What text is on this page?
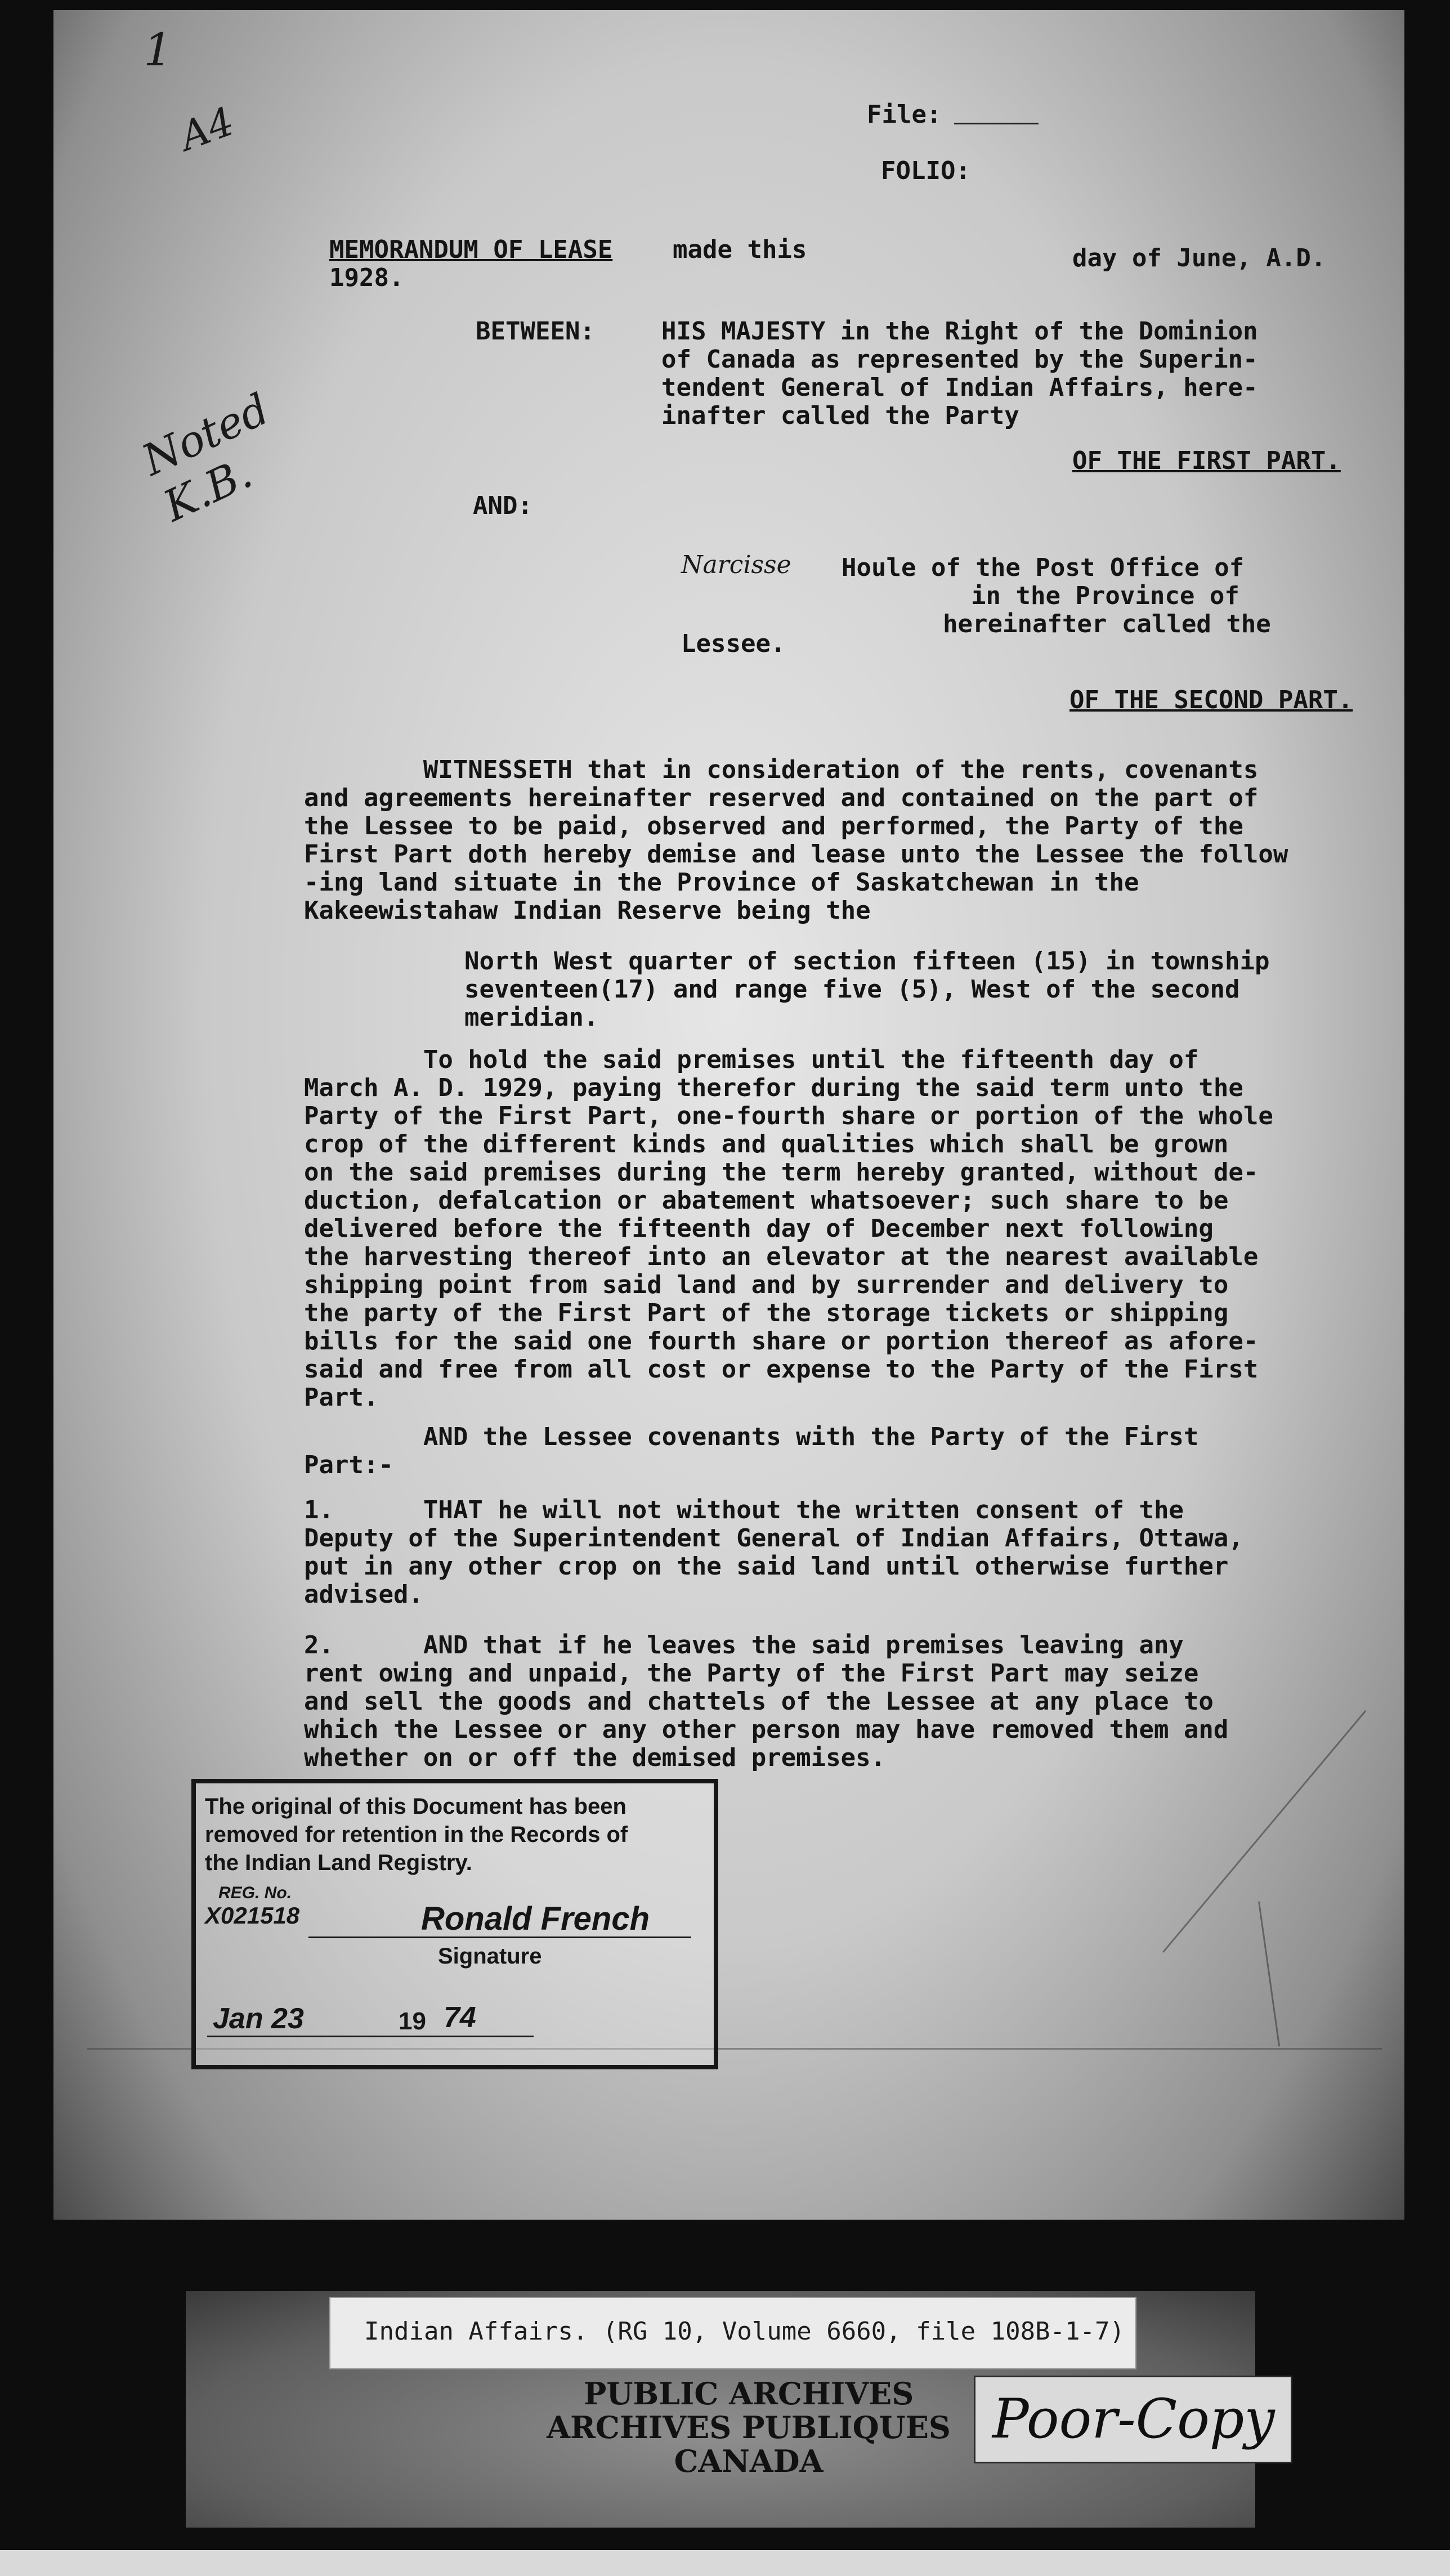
1
A4
Noted K.B.
File:
FOLIO:
MEMORANDUM OF LEASE made this	day of June, A.D.
1928.
BETWEEN:	HIS MAJESTY in the Right of the Dominion
of Canada as represented by the Superin-
tendent General of Indian Affairs, here-
inafter called the Party
OF THE FIRST PART.
AND:
Narcisse Houle of the Post Office of
in the Province of
hereinafter called the
Lessee.
OF THE SECOND PART.
WITNESSETH that in consideration of the rents, covenants
and agreements hereinafter reserved and contained on the part of
the Lessee to be paid, observed and performed, the Party of the
First Part doth hereby demise and lease unto the Lessee the follow
-ing land situate in the Province of Saskatchewan in the
Kakeewistahaw Indian Reserve being the
North West quarter of section fifteen (15) in township
seventeen(17) and range five (5), West of the second
meridian.
To hold the said premises until the fifteenth day of
March A. D. 1929, paying therefor during the said term unto the
Party of the First Part, one-fourth share or portion of the whole
crop of the different kinds and qualities which shall be grown
on the said premises during the term hereby granted, without de-
duction, defalcation or abatement whatsoever; such share to be
delivered before the fifteenth day of December next following
the harvesting thereof into an elevator at the nearest available
shipping point from said land and by surrender and delivery to
the party of the First Part of the storage tickets or shipping
bills for the said one fourth share or portion thereof as afore-
said and free from all cost or expense to the Party of the First
Part.
AND the Lessee covenants with the Party of the First
Part:-
1.      THAT he will not without the written consent of the
Deputy of the Superintendent General of Indian Affairs, Ottawa,
put in any other crop on the said land until otherwise further
advised.
2.      AND that if he leaves the said premises leaving any
rent owing and unpaid, the Party of the First Part may seize
and sell the goods and chattels of the Lessee at any place to
which the Lessee or any other person may have removed them and
whether on or off the demised premises.
The original of this Document has been
removed for retention in the Records of
the Indian Land Registry.
REG. No.
X021518	Ronald French
Signature
Jan 23	19 74
PUBLIC ARCHIVES
ARCHIVES PUBLIQUES
CANADA
Indian Affairs. (RG 10, Volume 6660, file 108B-1-7)
Poor-Copy
